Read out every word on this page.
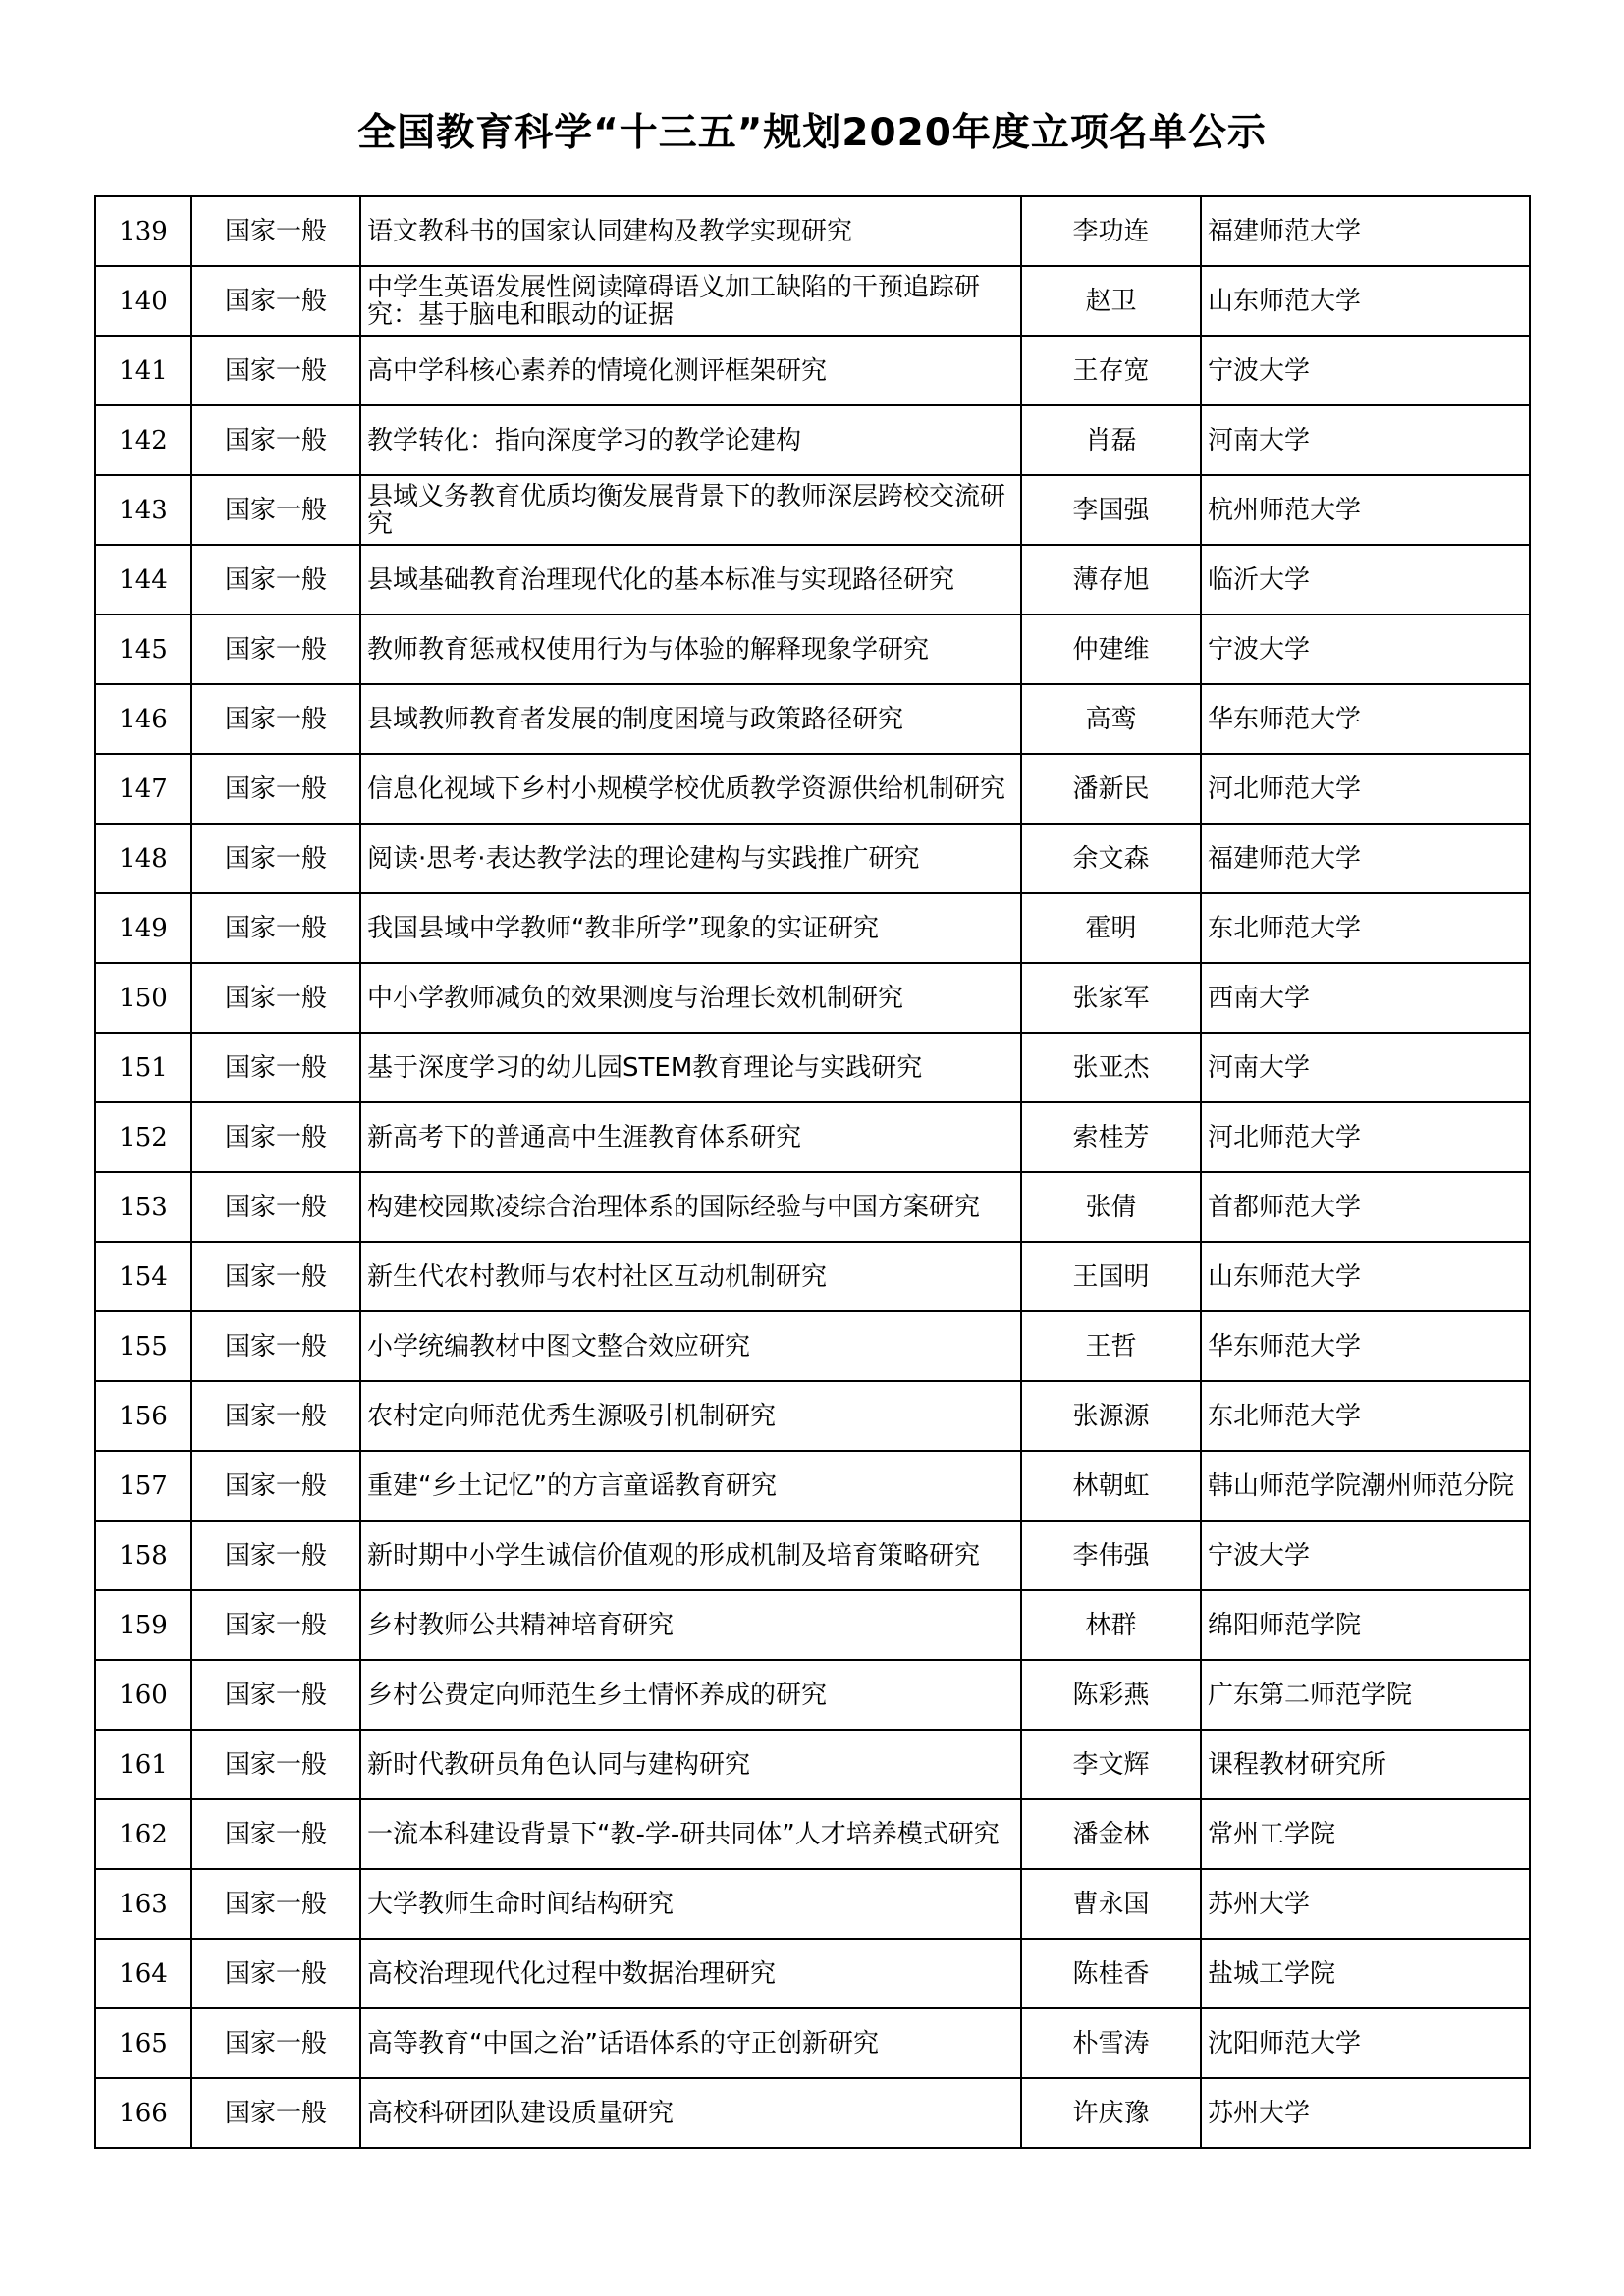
全国教育科学“十三五”规划2020年度立项名单公示
139	国家一般	语文教科书的国家认同建构及教学实现研究	李功连	福建师范大学
140	国家一般	中学生英语发展性阅读障碍语义加工缺陷的干预追踪研究：基于脑电和眼动的证据	赵卫	山东师范大学
141	国家一般	高中学科核心素养的情境化测评框架研究	王存宽	宁波大学
142	国家一般	教学转化：指向深度学习的教学论建构	肖磊	河南大学
143	国家一般	县域义务教育优质均衡发展背景下的教师深层跨校交流研究	李国强	杭州师范大学
144	国家一般	县域基础教育治理现代化的基本标准与实现路径研究	薄存旭	临沂大学
145	国家一般	教师教育惩戒权使用行为与体验的解释现象学研究	仲建维	宁波大学
146	国家一般	县域教师教育者发展的制度困境与政策路径研究	高鸾	华东师范大学
147	国家一般	信息化视域下乡村小规模学校优质教学资源供给机制研究	潘新民	河北师范大学
148	国家一般	阅读·思考·表达教学法的理论建构与实践推广研究	余文森	福建师范大学
149	国家一般	我国县域中学教师“教非所学”现象的实证研究	霍明	东北师范大学
150	国家一般	中小学教师减负的效果测度与治理长效机制研究	张家军	西南大学
151	国家一般	基于深度学习的幼儿园STEM教育理论与实践研究	张亚杰	河南大学
152	国家一般	新高考下的普通高中生涯教育体系研究	索桂芳	河北师范大学
153	国家一般	构建校园欺凌综合治理体系的国际经验与中国方案研究	张倩	首都师范大学
154	国家一般	新生代农村教师与农村社区互动机制研究	王国明	山东师范大学
155	国家一般	小学统编教材中图文整合效应研究	王哲	华东师范大学
156	国家一般	农村定向师范优秀生源吸引机制研究	张源源	东北师范大学
157	国家一般	重建“乡土记忆”的方言童谣教育研究	林朝虹	韩山师范学院潮州师范分院
158	国家一般	新时期中小学生诚信价值观的形成机制及培育策略研究	李伟强	宁波大学
159	国家一般	乡村教师公共精神培育研究	林群	绵阳师范学院
160	国家一般	乡村公费定向师范生乡土情怀养成的研究	陈彩燕	广东第二师范学院
161	国家一般	新时代教研员角色认同与建构研究	李文辉	课程教材研究所
162	国家一般	一流本科建设背景下“教-学-研共同体”人才培养模式研究	潘金林	常州工学院
163	国家一般	大学教师生命时间结构研究	曹永国	苏州大学
164	国家一般	高校治理现代化过程中数据治理研究	陈桂香	盐城工学院
165	国家一般	高等教育“中国之治”话语体系的守正创新研究	朴雪涛	沈阳师范大学
166	国家一般	高校科研团队建设质量研究	许庆豫	苏州大学
